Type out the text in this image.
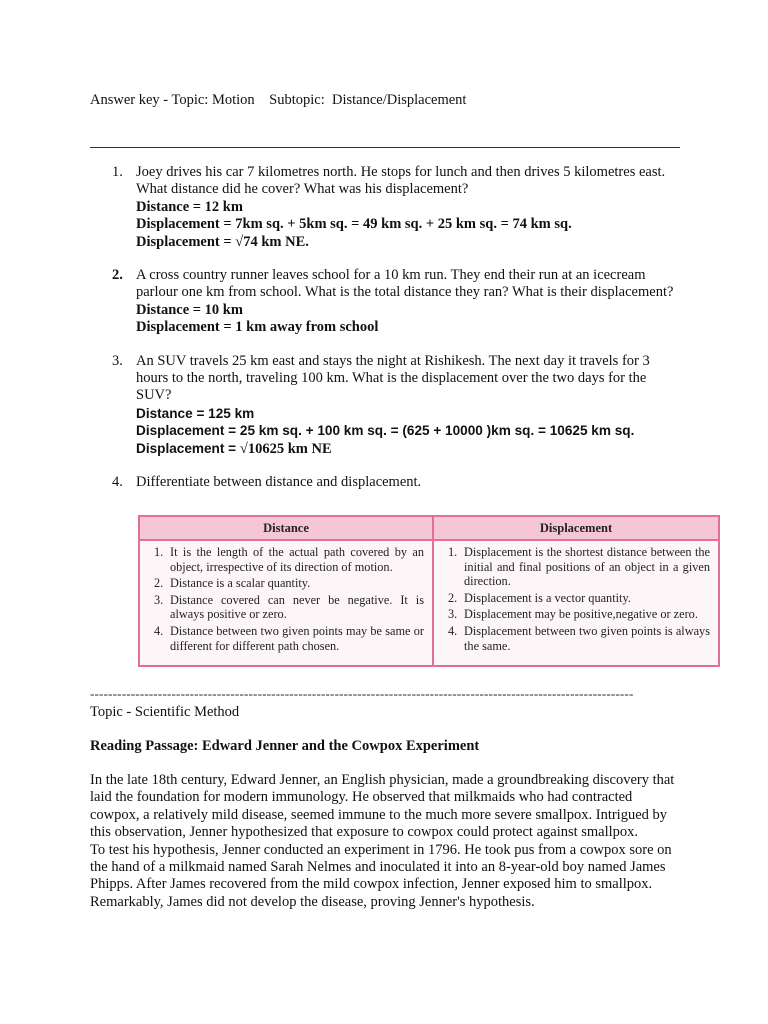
Answer key - Topic: Motion    Subtopic:  Distance/Displacement
1. Joey drives his car 7 kilometres north. He stops for lunch and then drives 5 kilometres east. What distance did he cover? What was his displacement?
Distance = 12 km
Displacement = 7km sq. + 5km sq. = 49 km sq. + 25 km sq. = 74 km sq.
Displacement = √74 km NE.
2. A cross country runner leaves school for a 10 km run. They end their run at an icecream parlour one km from school. What is the total distance they ran? What is their displacement?
Distance = 10 km
Displacement = 1 km away from school
3. An SUV travels 25 km east and stays the night at Rishikesh. The next day it travels for 3 hours to the north, traveling 100 km. What is the displacement over the two days for the SUV?
Distance = 125 km
Displacement = 25 km sq. + 100 km sq. = (625 + 10000 )km sq. = 10625 km sq.
Displacement = √10625 km NE
4. Differentiate between distance and displacement.
Distance
1. It is the length of the actual path covered by an object, irrespective of its direction of motion.
2. Distance is a scalar quantity.
3. Distance covered can never be negative. It is always positive or zero.
4. Distance between two given points may be same or different for different path chosen.
Displacement
1. Displacement is the shortest distance between the initial and final positions of an object in a given direction.
2. Displacement is a vector quantity.
3. Displacement may be positive,negative or zero.
4. Displacement between two given points is always the same.
------------------------------------------------------------------------------------------------------------------------
Topic - Scientific Method
Reading Passage: Edward Jenner and the Cowpox Experiment

In the late 18th century, Edward Jenner, an English physician, made a groundbreaking discovery that laid the foundation for modern immunology. He observed that milkmaids who had contracted cowpox, a relatively mild disease, seemed immune to the much more severe smallpox. Intrigued by this observation, Jenner hypothesized that exposure to cowpox could protect against smallpox.

To test his hypothesis, Jenner conducted an experiment in 1796. He took pus from a cowpox sore on the hand of a milkmaid named Sarah Nelmes and inoculated it into an 8-year-old boy named James Phipps. After James recovered from the mild cowpox infection, Jenner exposed him to smallpox. Remarkably, James did not develop the disease, proving Jenner's hypothesis.
